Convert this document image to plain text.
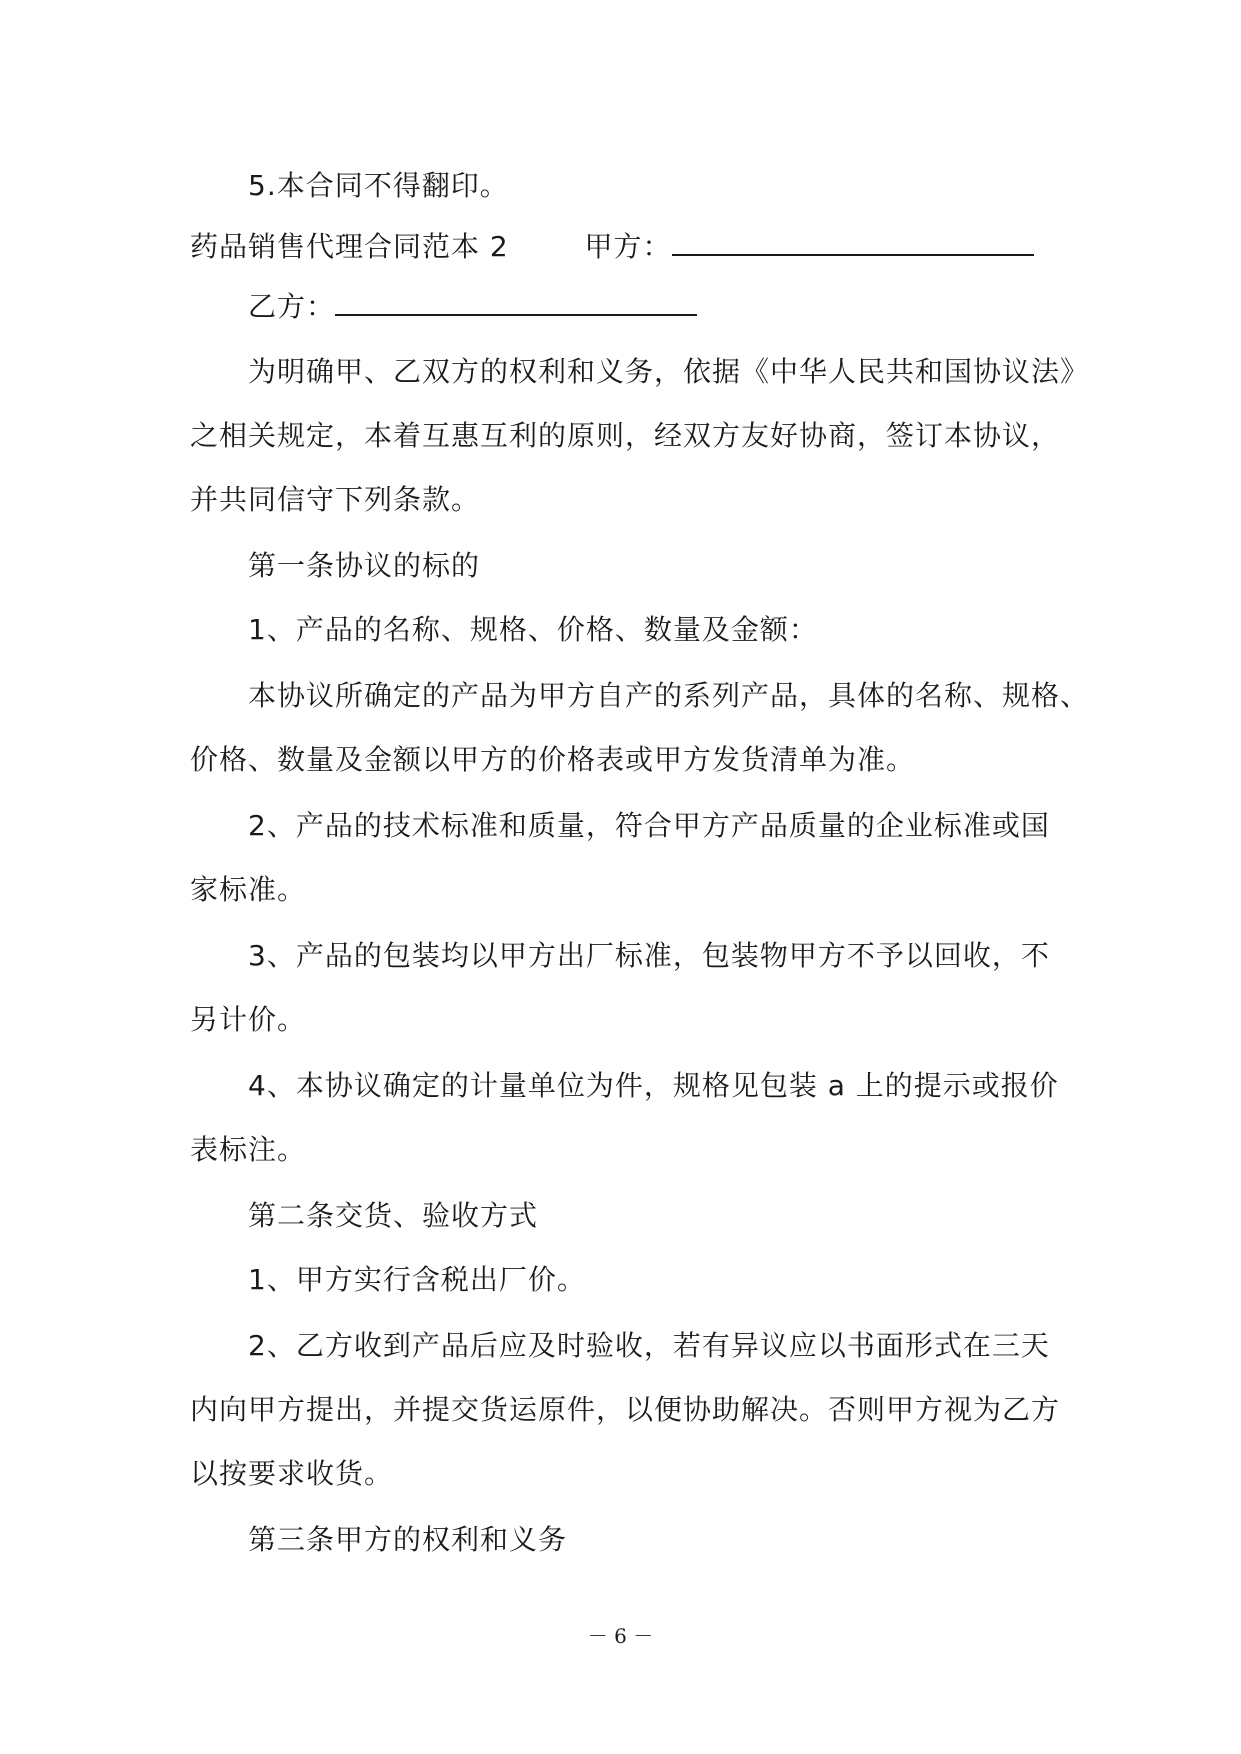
5.本合同不得翻印。
药品销售代理合同范本 2	甲方：
乙方：
为明确甲、乙双方的权利和义务，依据《中华人民共和国协议法》
之相关规定，本着互惠互利的原则，经双方友好协商，签订本协议，
并共同信守下列条款。
第一条协议的标的
1、产品的名称、规格、价格、数量及金额：
本协议所确定的产品为甲方自产的系列产品，具体的名称、规格、
价格、数量及金额以甲方的价格表或甲方发货清单为准。
2、产品的技术标准和质量，符合甲方产品质量的企业标准或国
家标准。
3、产品的包装均以甲方出厂标准，包装物甲方不予以回收，不
另计价。
4、本协议确定的计量单位为件，规格见包装 a 上的提示或报价
表标注。
第二条交货、验收方式
1、甲方实行含税出厂价。
2、乙方收到产品后应及时验收，若有异议应以书面形式在三天
内向甲方提出，并提交货运原件，以便协助解决。否则甲方视为乙方
以按要求收货。
第三条甲方的权利和义务
－ 6 －
